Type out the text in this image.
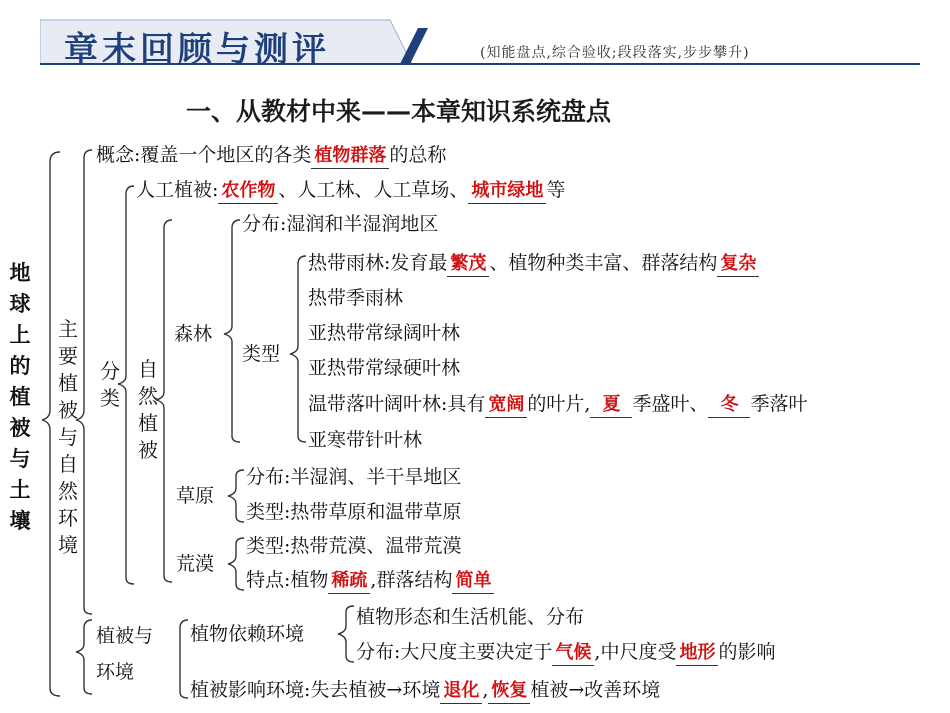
章末回顾与测评	(知能盘点,综合验收;段段落实,步步攀升)
一、从教材中来——本章知识系统盘点
地球上的植被与土壤
主要植被与自然环境
分类
自然植被
概念:覆盖一个地区的各类 植物群落 的总称
人工植被: 农作物 、人工林、人工草场、 城市绿地 等
森林
分布:湿润和半湿润地区
类型
热带雨林:发育最 繁茂 、植物种类丰富、群落结构 复杂
热带季雨林
亚热带常绿阔叶林
亚热带常绿硬叶林
温带落叶阔叶林:具有 宽阔 的叶片, 夏 季盛叶、 冬 季落叶
亚寒带针叶林
草原
分布:半湿润、半干旱地区
类型:热带草原和温带草原
荒漠
类型:热带荒漠、温带荒漠
特点:植物 稀疏 ,群落结构 简单
植被与
环境
植物依赖环境
植物形态和生活机能、分布
分布:大尺度主要决定于 气候 ,中尺度受 地形 的影响
植被影响环境:失去植被→环境 退化 , 恢复 植被→改善环境
